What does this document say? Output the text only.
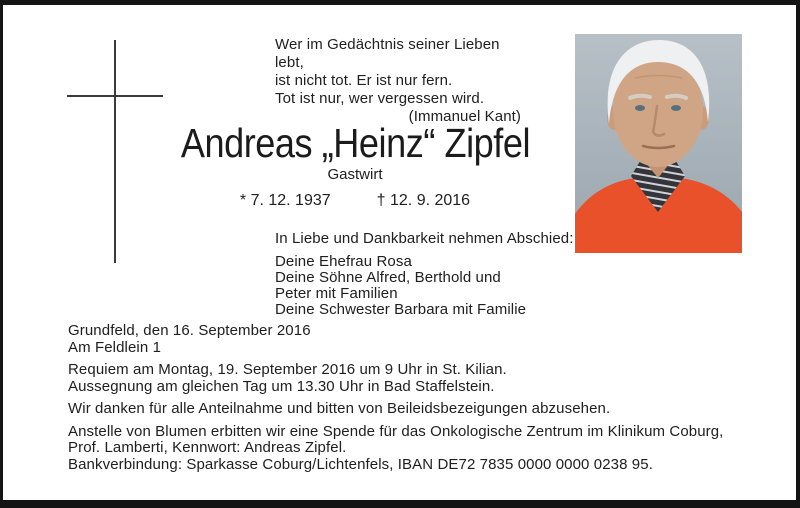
Wer im Gedächtnis seiner Lieben lebt,
ist nicht tot. Er ist nur fern.
Tot ist nur, wer vergessen wird.
(Immanuel Kant)
Andreas „Heinz“ Zipfel
Gastwirt
* 7. 12. 1937	† 12. 9. 2016
In Liebe und Dankbarkeit nehmen Abschied:
Deine Ehefrau Rosa
Deine Söhne Alfred, Berthold und
Peter mit Familien
Deine Schwester Barbara mit Familie
Grundfeld, den 16. September 2016
Am Feldlein 1
Requiem am Montag, 19. September 2016 um 9 Uhr in St. Kilian.
Aussegnung am gleichen Tag um 13.30 Uhr in Bad Staffelstein.
Wir danken für alle Anteilnahme und bitten von Beileidsbezeigungen abzusehen.
Anstelle von Blumen erbitten wir eine Spende für das Onkologische Zentrum im Klinikum Coburg,
Prof. Lamberti, Kennwort: Andreas Zipfel.
Bankverbindung: Sparkasse Coburg/Lichtenfels, IBAN DE72 7835 0000 0000 0238 95.
